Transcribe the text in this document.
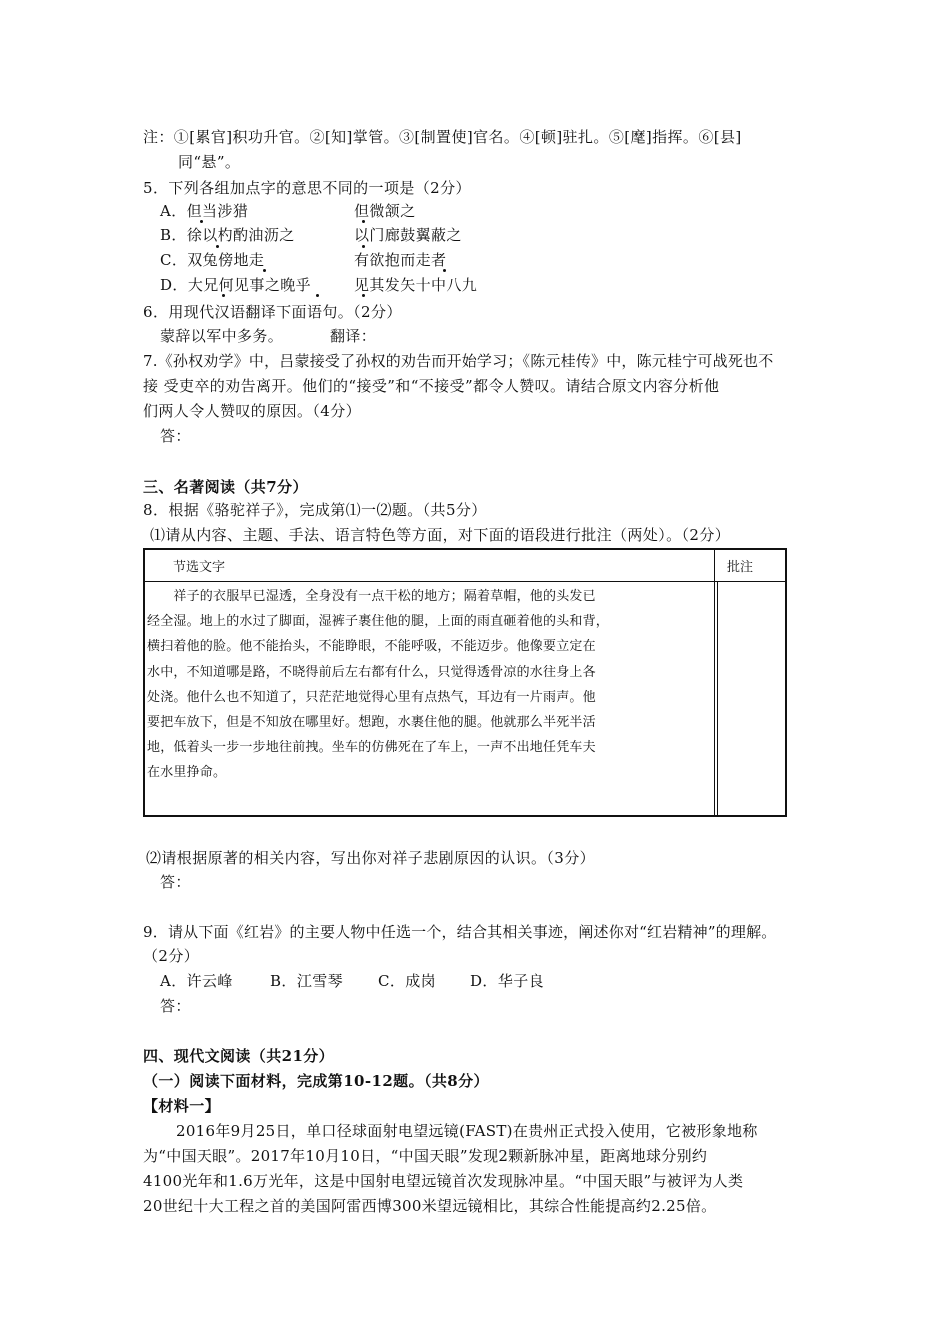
注：①[累官]积功升官。②[知]掌管。③[制置使]官名。④[顿]驻扎。⑤[麾]指挥。⑥[县]
同“悬”。
5．下列各组加点字的意思不同的一项是（2分）
A．但当涉猎	但微颔之
B．徐以杓酌油沥之	以门廊鼓翼蔽之
C．双兔傍地走	有欲抱而走者
D．大兄何见事之晚乎	见其发矢十中八九
6．用现代汉语翻译下面语句。（2分）
蒙辞以军中多务。	翻译：
7.《孙权劝学》中，吕蒙接受了孙权的劝告而开始学习；《陈元桂传》中，陈元桂宁可战死也不
接 受吏卒的劝告离开。他们的“接受”和“不接受”都令人赞叹。请结合原文内容分析他
们两人令人赞叹的原因。（4分）
答：
三、名著阅读（共7分）
8．根据《骆驼祥子》，完成第⑴一⑵题。（共5分）
⑴请从内容、主题、手法、语言特色等方面，对下面的语段进行批注（两处）。（2分）
节选文字	批注
　　祥子的衣服早已湿透，全身没有一点干松的地方；隔着草帽，他的头发已
经全湿。地上的水过了脚面，湿裤子裹住他的腿，上面的雨直砸着他的头和背，
横扫着他的脸。他不能抬头，不能睁眼，不能呼吸，不能迈步。他像要立定在
水中，不知道哪是路，不晓得前后左右都有什么，只觉得透骨凉的水往身上各
处浇。他什么也不知道了，只茫茫地觉得心里有点热气，耳边有一片雨声。他
要把车放下，但是不知放在哪里好。想跑，水裹住他的腿。他就那么半死半活
地，低着头一步一步地往前拽。坐车的仿佛死在了车上，一声不出地任凭车夫
在水里挣命。
⑵请根据原著的相关内容，写出你对祥子悲剧原因的认识。（3分）
答：
9．请从下面《红岩》的主要人物中任选一个，结合其相关事迹，阐述你对“红岩精神”的理解。
（2分）
A．许云峰 B．江雪琴 C．成岗 D．华子良
答：
四、现代文阅读（共21分）
（一）阅读下面材料，完成第10-12题。（共8分）
【材料一】
2016年9月25日，单口径球面射电望远镜(FAST)在贵州正式投入使用，它被形象地称
为“中国天眼”。2017年10月10日，“中国天眼”发现2颗新脉冲星，距离地球分别约
4100光年和1.6万光年，这是中国射电望远镜首次发现脉冲星。“中国天眼”与被评为人类
20世纪十大工程之首的美国阿雷西博300米望远镜相比，其综合性能提高约2.25倍。
